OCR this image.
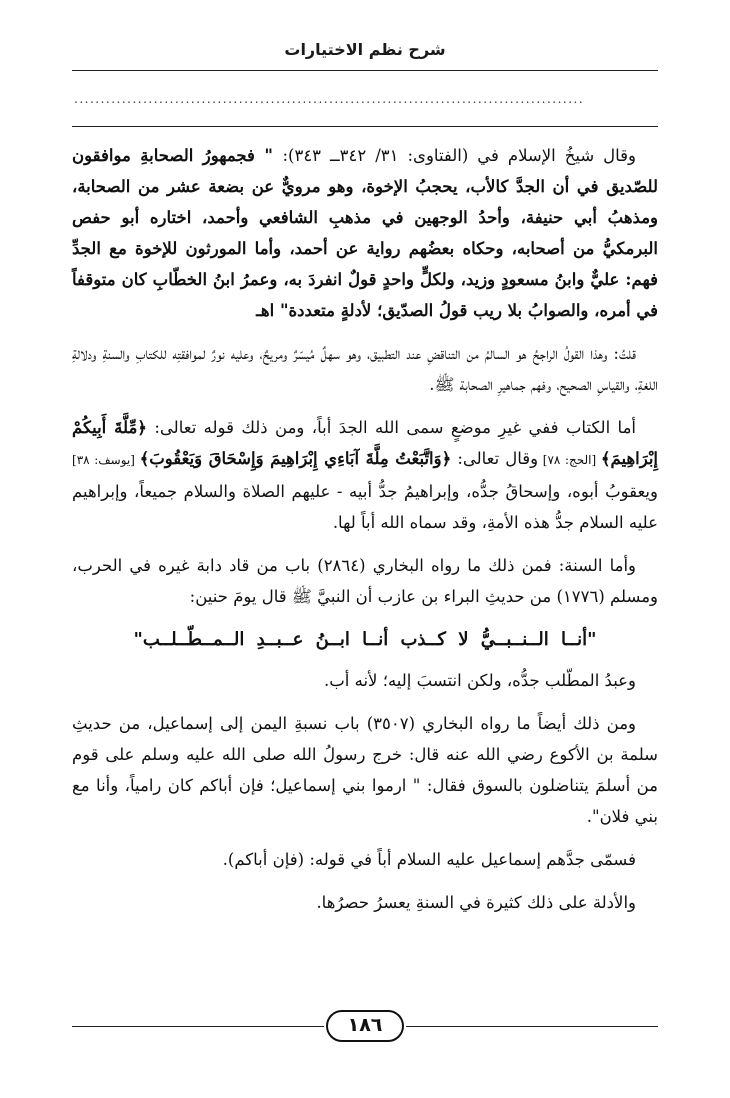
شرح نظم الاختيارات
................................................................................................

وقال شيخُ الإسلام في (الفتاوى: ٣١/ ٣٤٢ــ ٣٤٣): " فجمهورُ الصحابةِ موافقون للصّديق في أن الجدَّ كالأب، يحجبُ الإخوة، وهو مرويٌّ عن بضعة عشر من الصحابة، ومذهبُ أبي حنيفة، وأحدُ الوجهين في مذهبِ الشافعي وأحمد، اختاره أبو حفص البرمكيُّ من أصحابه، وحكاه بعضُهم رواية عن أحمد، وأما المورثون للإخوة مع الجدِّ فهم: عليٌّ وابنُ مسعودٍ وزيد، ولكلٍّ واحدٍ قولٌ انفردَ به، وعمرُ ابنُ الخطّابِ كان متوقفاً في أمره، والصوابُ بلا ريب قولُ الصدّيق؛ لأدلةٍ متعددة" اهـ

قلتُ: وهذا القولُ الراجحُ هو السالمُ من التناقضِ عند التطبيق، وهو سهلٌ مُيسّرٌ ومريحٌ، وعليه نورٌ لموافقتِه للكتابِ والسنةِ ودلالةِ اللغةِ، والقياسِ الصحيح، وفهم جماهيرِ الصحابة ﷺ.

أما الكتاب ففي غيرِ موضعٍ سمى الله الجدَ أباً، ومن ذلك قوله تعالى: ﴿مِّلَّةَ أَبِيكُمْ إِبْرَاهِيمَ﴾ [الحج: ٧٨] وقال تعالى: ﴿وَاتَّبَعْتُ مِلَّةَ آبَاءِي إِبْرَاهِيمَ وَإِسْحَاقَ وَيَعْقُوبَ﴾ [يوسف: ٣٨] ويعقوبُ أبوه، وإسحاقُ جدُّه، وإبراهيمُ جدُّ أبيه - عليهم الصلاة والسلام جميعاً، وإبراهيم عليه السلام جدُّ هذه الأمةِ، وقد سماه الله أباً لها.

وأما السنة: فمن ذلك ما رواه البخاري (٢٨٦٤) باب من قاد دابة غيره في الحرب، ومسلم (١٧٧٦) من حديثِ البراء بن عازب أن النبيَّ ﷺ قال يومَ حنين:

"أنــا الــنــبــيُّ لا كــذب أنــا ابــنُ عــبــدِ الــمــطّــلــب"

وعبدُ المطّلب جدُّه، ولكن انتسبَ إليه؛ لأنه أب.

ومن ذلك أيضاً ما رواه البخاري (٣٥٠٧) باب نسبةِ اليمن إلى إسماعيل، من حديثِ سلمة بن الأكوع رضي الله عنه قال: خرج رسولُ الله صلى الله عليه وسلم على قوم من أسلمَ يتناضلون بالسوق فقال: " ارموا بني إسماعيل؛ فإن أباكم كان رامياً، وأنا مع بني فلان".

فسمّى جدَّهم إسماعيل عليه السلام أباً في قوله: (فإن أباكم).

والأدلة على ذلك كثيرة في السنةِ يعسرُ حصرُها.

١٨٦
